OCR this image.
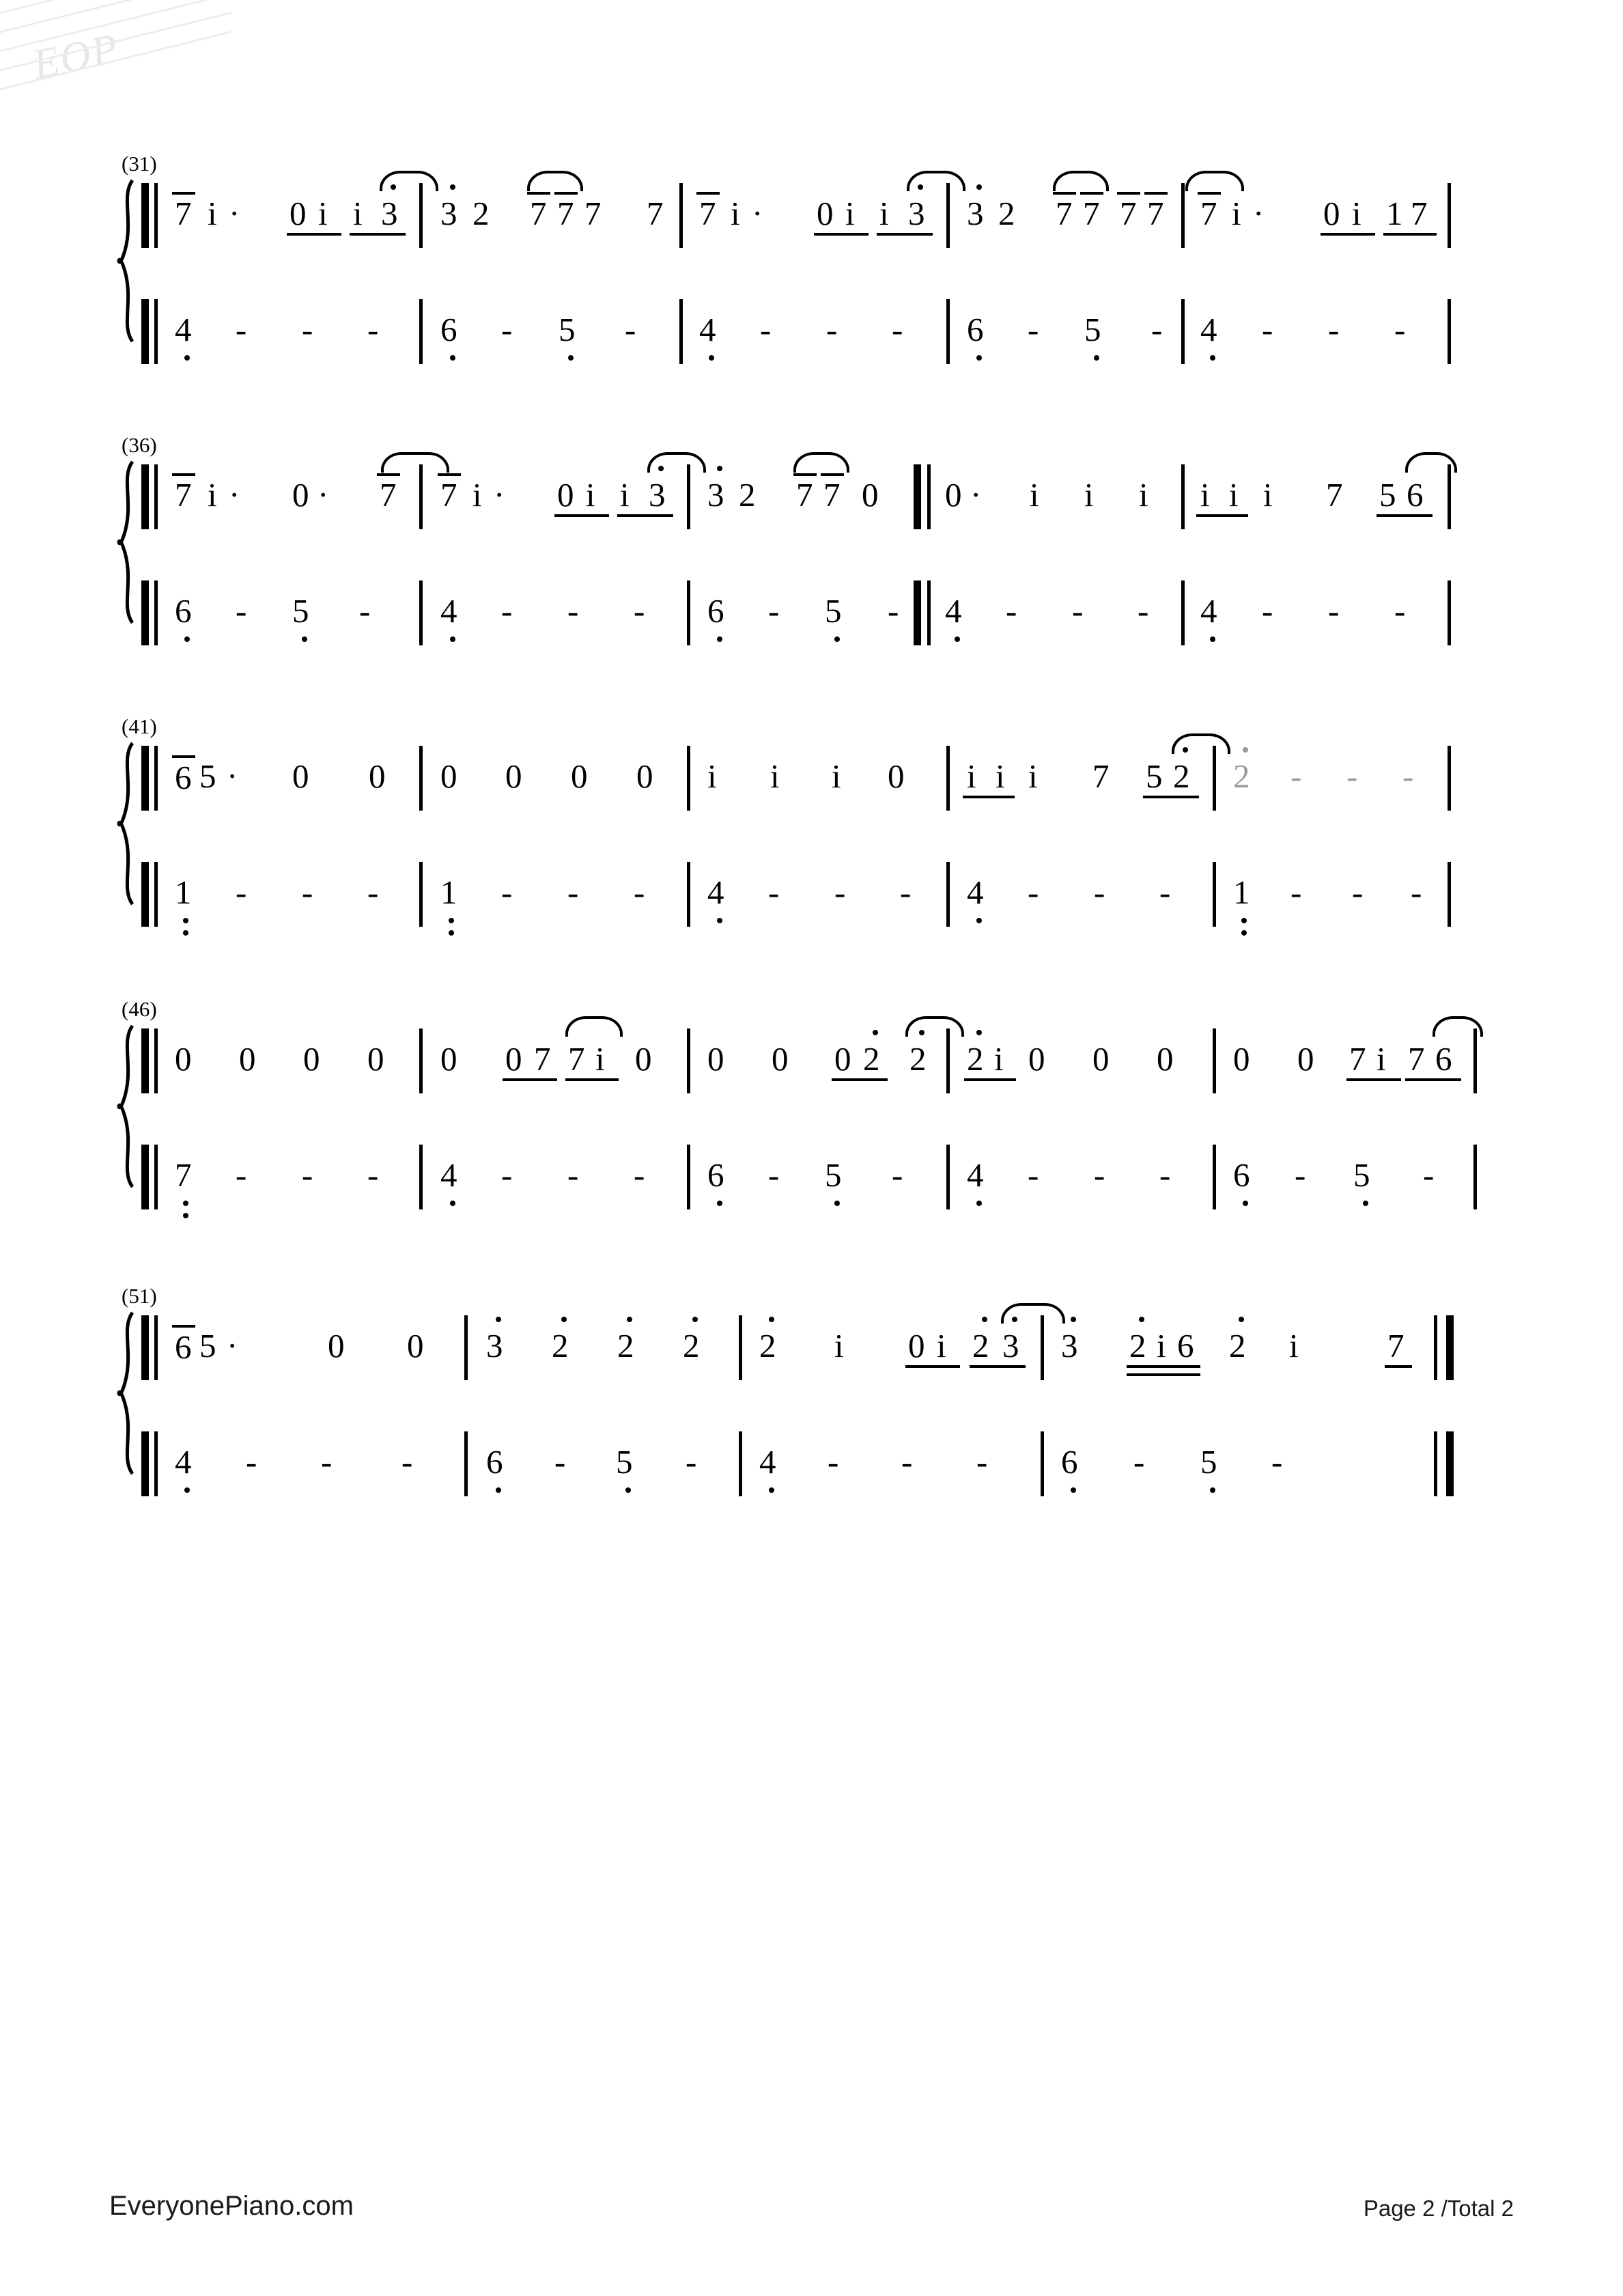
EOP
(31)
7 i · 0 i i 3 3 2 7 7 7 7 7 i · 0 i i 3 3 2 7 7 7 7 7 i · 0 i 1 7
4 - - - 6 - 5 - 4 - - - 6 - 5 - 4 - - -
(36)
7 i · 0 · 7 7 i · 0 i i 3 3 2 7 7 0 0 · i i i i i i 7 5 6
6 - 5 - 4 - - - 6 - 5 - 4 - - - 4 - - -
(41)
6 5 · 0 0 0 0 0 0 i i i 0 i i i 7 5 2 2 - - -
1 - - - 1 - - - 4 - - - 4 - - - 1 - - -
(46)
0 0 0 0 0 0 7 7 i 0 0 0 0 2 2 2 i 0 0 0 0 0 7 i 7 6
7 - - - 4 - - - 6 - 5 - 4 - - - 6 - 5 -
(51)
6 5 ·	0 0 3 2 2 2 2 i 0 i 2 3 3 2 i 6 2 i	7
4 - - - 6 - 5 - 4 - - - 6 - 5 -
EveryonePiano.com	Page 2 /Total 2
